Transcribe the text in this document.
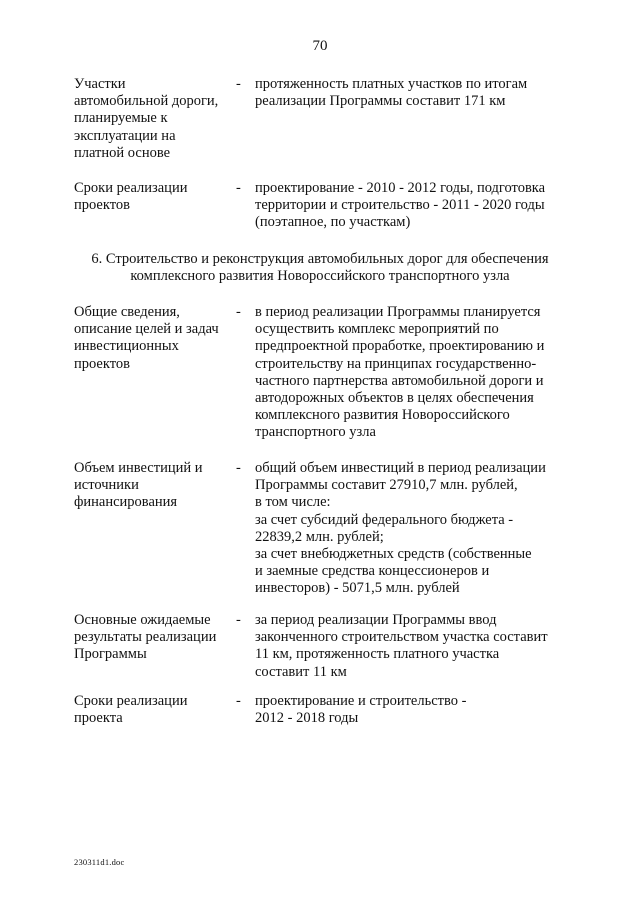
70
Участки
автомобильной дороги,
планируемые к
эксплуатации на
платной основе
- протяженность платных участков по итогам
реализации Программы составит 171 км
Сроки реализации
проектов
- проектирование - 2010 - 2012 годы, подготовка
территории и строительство - 2011 - 2020 годы
(поэтапное, по участкам)
6. Строительство и реконструкция автомобильных дорог для обеспечения
комплексного развития Новороссийского транспортного узла
Общие сведения,
описание целей и задач
инвестиционных
проектов
- в период реализации Программы планируется
осуществить комплекс мероприятий по
предпроектной проработке, проектированию и
строительству на принципах государственно-
частного партнерства автомобильной дороги и
автодорожных объектов в целях обеспечения
комплексного развития Новороссийского
транспортного узла
Объем инвестиций и
источники
финансирования
- общий объем инвестиций в период реализации
Программы составит 27910,7 млн. рублей,
в том числе:
за счет субсидий федерального бюджета -
22839,2 млн. рублей;
за счет внебюджетных средств (собственные
и заемные средства концессионеров и
инвесторов) - 5071,5 млн. рублей
Основные ожидаемые
результаты реализации
Программы
- за период реализации Программы ввод
законченного строительством участка составит
11 км, протяженность платного участка
составит 11 км
Сроки реализации
проекта
- проектирование и строительство -
2012 - 2018 годы
230311d1.doc
